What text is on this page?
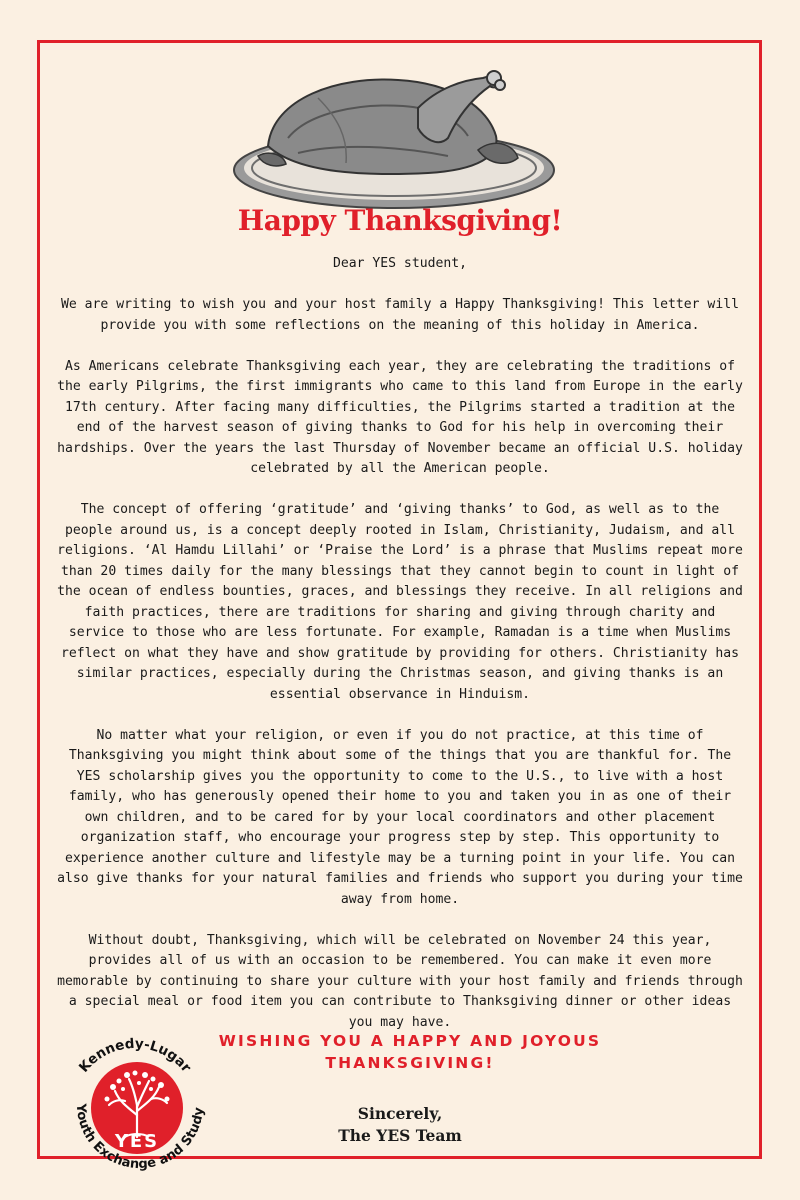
Happy Thanksgiving!

Dear YES student,

We are writing to wish you and your host family a Happy Thanksgiving! This letter will provide you with some reflections on the meaning of this holiday in America.

As Americans celebrate Thanksgiving each year, they are celebrating the traditions of the early Pilgrims, the first immigrants who came to this land from Europe in the early 17th century. After facing many difficulties, the Pilgrims started a tradition at the end of the harvest season of giving thanks to God for his help in overcoming their hardships. Over the years the last Thursday of November became an official U.S. holiday celebrated by all the American people.

The concept of offering ‘gratitude’ and ‘giving thanks’ to God, as well as to the people around us, is a concept deeply rooted in Islam, Christianity, Judaism, and all religions. ‘Al Hamdu Lillahi’ or ‘Praise the Lord’ is a phrase that Muslims repeat more than 20 times daily for the many blessings that they cannot begin to count in light of the ocean of endless bounties, graces, and blessings they receive. In all religions and faith practices, there are traditions for sharing and giving through charity and service to those who are less fortunate. For example, Ramadan is a time when Muslims reflect on what they have and show gratitude by providing for others. Christianity has similar practices, especially during the Christmas season, and giving thanks is an essential observance in Hinduism.

No matter what your religion, or even if you do not practice, at this time of Thanksgiving you might think about some of the things that you are thankful for. The YES scholarship gives you the opportunity to come to the U.S., to live with a host family, who has generously opened their home to you and taken you in as one of their own children, and to be cared for by your local coordinators and other placement organization staff, who encourage your progress step by step. This opportunity to experience another culture and lifestyle may be a turning point in your life. You can also give thanks for your natural families and friends who support you during your time away from home.

Without doubt, Thanksgiving, which will be celebrated on November 24 this year, provides all of us with an occasion to be remembered. You can make it even more memorable by continuing to share your culture with your host family and friends through a special meal or food item you can contribute to Thanksgiving dinner or other ideas you may have.

WISHING YOU A HAPPY AND JOYOUS
THANKSGIVING!
Sincerely,
The YES Team
Kennedy-Lugar
YES
Youth Exchange and Study
